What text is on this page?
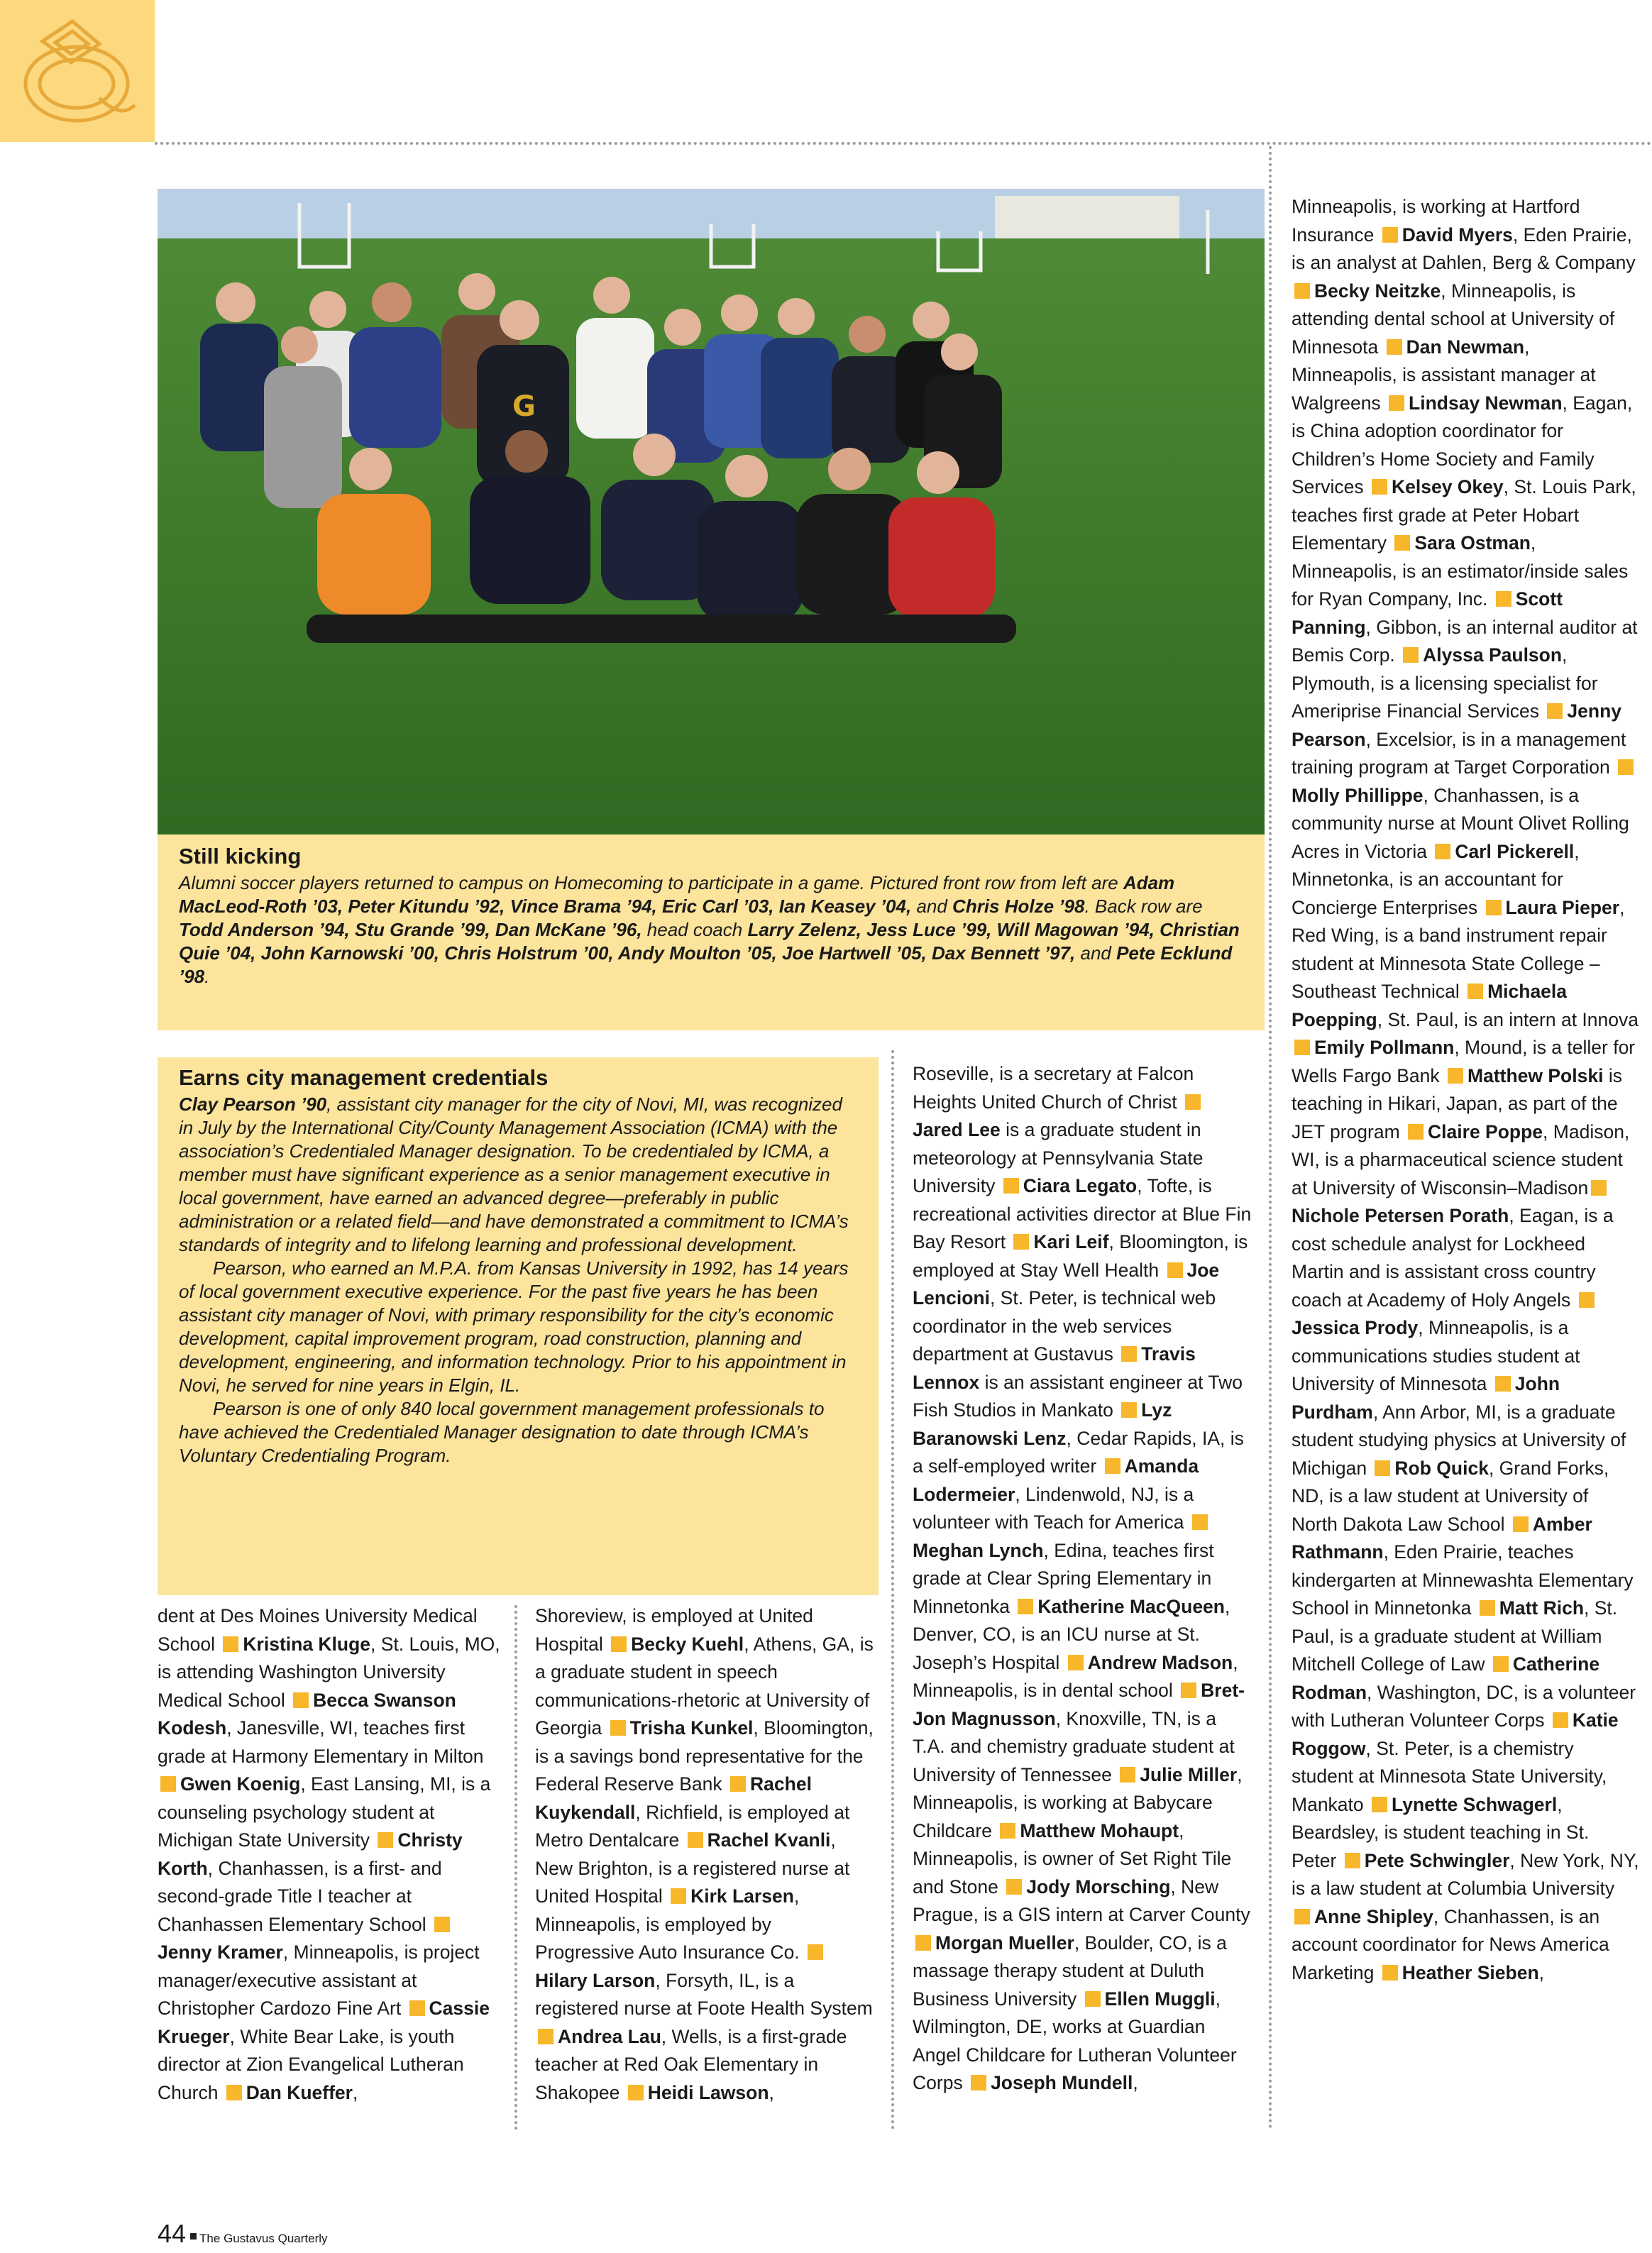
G
Still kicking

Alumni soccer players returned to campus on Homecoming to participate in a game. Pictured front row from left are Adam MacLeod-Roth ’03, Peter Kitundu ’92, Vince Brama ’94, Eric Carl ’03, Ian Keasey ’04, and Chris Holze ’98. Back row are Todd Anderson ’94, Stu Grande ’99, Dan McKane ’96, head coach Larry Zelenz, Jess Luce ’99, Will Magowan ’94, Christian Quie ’04, John Karnowski ’00, Chris Holstrum ’00, Andy Moulton ’05, Joe Hartwell ’05, Dax Bennett ’97, and Pete Ecklund ’98.

Earns city management credentials

Clay Pearson ’90, assistant city manager for the city of Novi, MI, was recognized in July by the International City/County Management Association (ICMA) with the association’s Credentialed Manager designation. To be credentialed by ICMA, a member must have significant experience as a senior management executive in local government, have earned an advanced degree—preferably in public administration or a related field—and have demonstrated a commitment to ICMA’s standards of integrity and to lifelong learning and professional development.

Pearson, who earned an M.P.A. from Kansas University in 1992, has 14 years of local government executive experience. For the past five years he has been assistant city manager of Novi, with primary responsibility for the city’s economic development, capital improvement program, road construction, planning and development, engineering, and information technology. Prior to his appointment in Novi, he served for nine years in Elgin, IL.

Pearson is one of only 840 local government management professionals to have achieved the Credentialed Manager designation to date through ICMA’s Voluntary Credentialing Program.

dent at Des Moines University Medical School Kristina Kluge, St. Louis, MO, is attending Washington University Medical School Becca Swanson Kodesh, Janesville, WI, teaches first grade at Harmony Elementary in Milton Gwen Koenig, East Lansing, MI, is a counseling psychology student at Michigan State University Christy Korth, Chanhassen, is a first- and second-grade Title I teacher at Chanhassen Elementary School Jenny Kramer, Minneapolis, is project manager/executive assistant at Christopher Cardozo Fine Art Cassie Krueger, White Bear Lake, is youth director at Zion Evangelical Lutheran Church Dan Kueffer,
Shoreview, is employed at United Hospital Becky Kuehl, Athens, GA, is a graduate student in speech communications-rhetoric at University of Georgia Trisha Kunkel, Bloomington, is a savings bond representative for the Federal Reserve Bank Rachel Kuykendall, Richfield, is employed at Metro Dentalcare Rachel Kvanli, New Brighton, is a registered nurse at United Hospital Kirk Larsen, Minneapolis, is employed by Progressive Auto Insurance Co. Hilary Larson, Forsyth, IL, is a registered nurse at Foote Health System Andrea Lau, Wells, is a first-grade teacher at Red Oak Elementary in Shakopee Heidi Lawson,
Roseville, is a secretary at Falcon Heights United Church of Christ Jared Lee is a graduate student in meteorology at Pennsylvania State University Ciara Legato, Tofte, is recreational activities director at Blue Fin Bay Resort Kari Leif, Bloomington, is employed at Stay Well Health Joe Lencioni, St. Peter, is technical web coordinator in the web services department at Gustavus Travis Lennox is an assistant engineer at Two Fish Studios in Mankato Lyz Baranowski Lenz, Cedar Rapids, IA, is a self-employed writer Amanda Lodermeier, Lindenwold, NJ, is a volunteer with Teach for America Meghan Lynch, Edina, teaches first grade at Clear Spring Elementary in Minnetonka Katherine MacQueen, Denver, CO, is an ICU nurse at St. Joseph’s Hospital Andrew Madson, Minneapolis, is in dental school Bret-Jon Magnusson, Knoxville, TN, is a T.A. and chemistry graduate student at University of Tennessee Julie Miller, Minneapolis, is working at Babycare Childcare Matthew Mohaupt, Minneapolis, is owner of Set Right Tile and Stone Jody Morsching, New Prague, is a GIS intern at Carver County Morgan Mueller, Boulder, CO, is a massage therapy student at Duluth Business University Ellen Muggli, Wilmington, DE, works at Guardian Angel Childcare for Lutheran Volunteer Corps Joseph Mundell,
Minneapolis, is working at Hartford Insurance David Myers, Eden Prairie, is an analyst at Dahlen, Berg & Company Becky Neitzke, Minneapolis, is attending dental school at University of Minnesota Dan Newman, Minneapolis, is assistant manager at Walgreens Lindsay Newman, Eagan, is China adoption coordinator for Children’s Home Society and Family Services Kelsey Okey, St. Louis Park, teaches first grade at Peter Hobart Elementary Sara Ostman, Minneapolis, is an estimator/inside sales for Ryan Company, Inc. Scott Panning, Gibbon, is an internal auditor at Bemis Corp. Alyssa Paulson, Plymouth, is a licensing specialist for Ameriprise Financial Services Jenny Pearson, Excelsior, is in a management training program at Target Corporation Molly Phillippe, Chanhassen, is a community nurse at Mount Olivet Rolling Acres in Victoria Carl Pickerell, Minnetonka, is an accountant for Concierge Enterprises Laura Pieper, Red Wing, is a band instrument repair student at Minnesota State College – Southeast Technical Michaela Poepping, St. Paul, is an intern at Innova Emily Pollmann, Mound, is a teller for Wells Fargo Bank Matthew Polski is teaching in Hikari, Japan, as part of the JET program Claire Poppe, Madison, WI, is a pharmaceutical science student at University of Wisconsin–MadisonNichole Petersen Porath, Eagan, is a cost schedule analyst for Lockheed Martin and is assistant cross country coach at Academy of Holy Angels Jessica Prody, Minneapolis, is a communications studies student at University of Minnesota John Purdham, Ann Arbor, MI, is a graduate student studying physics at University of Michigan Rob Quick, Grand Forks, ND, is a law student at University of North Dakota Law School Amber Rathmann, Eden Prairie, teaches kindergarten at Minnewashta Elementary School in Minnetonka Matt Rich, St. Paul, is a graduate student at William Mitchell College of Law Catherine Rodman, Washington, DC, is a volunteer with Lutheran Volunteer Corps Katie Roggow, St. Peter, is a chemistry student at Minnesota State University, Mankato Lynette Schwagerl, Beardsley, is student teaching in St. Peter Pete Schwingler, New York, NY, is a law student at Columbia University Anne Shipley, Chanhassen, is an account coordinator for News America Marketing Heather Sieben,
44 The Gustavus Quarterly
